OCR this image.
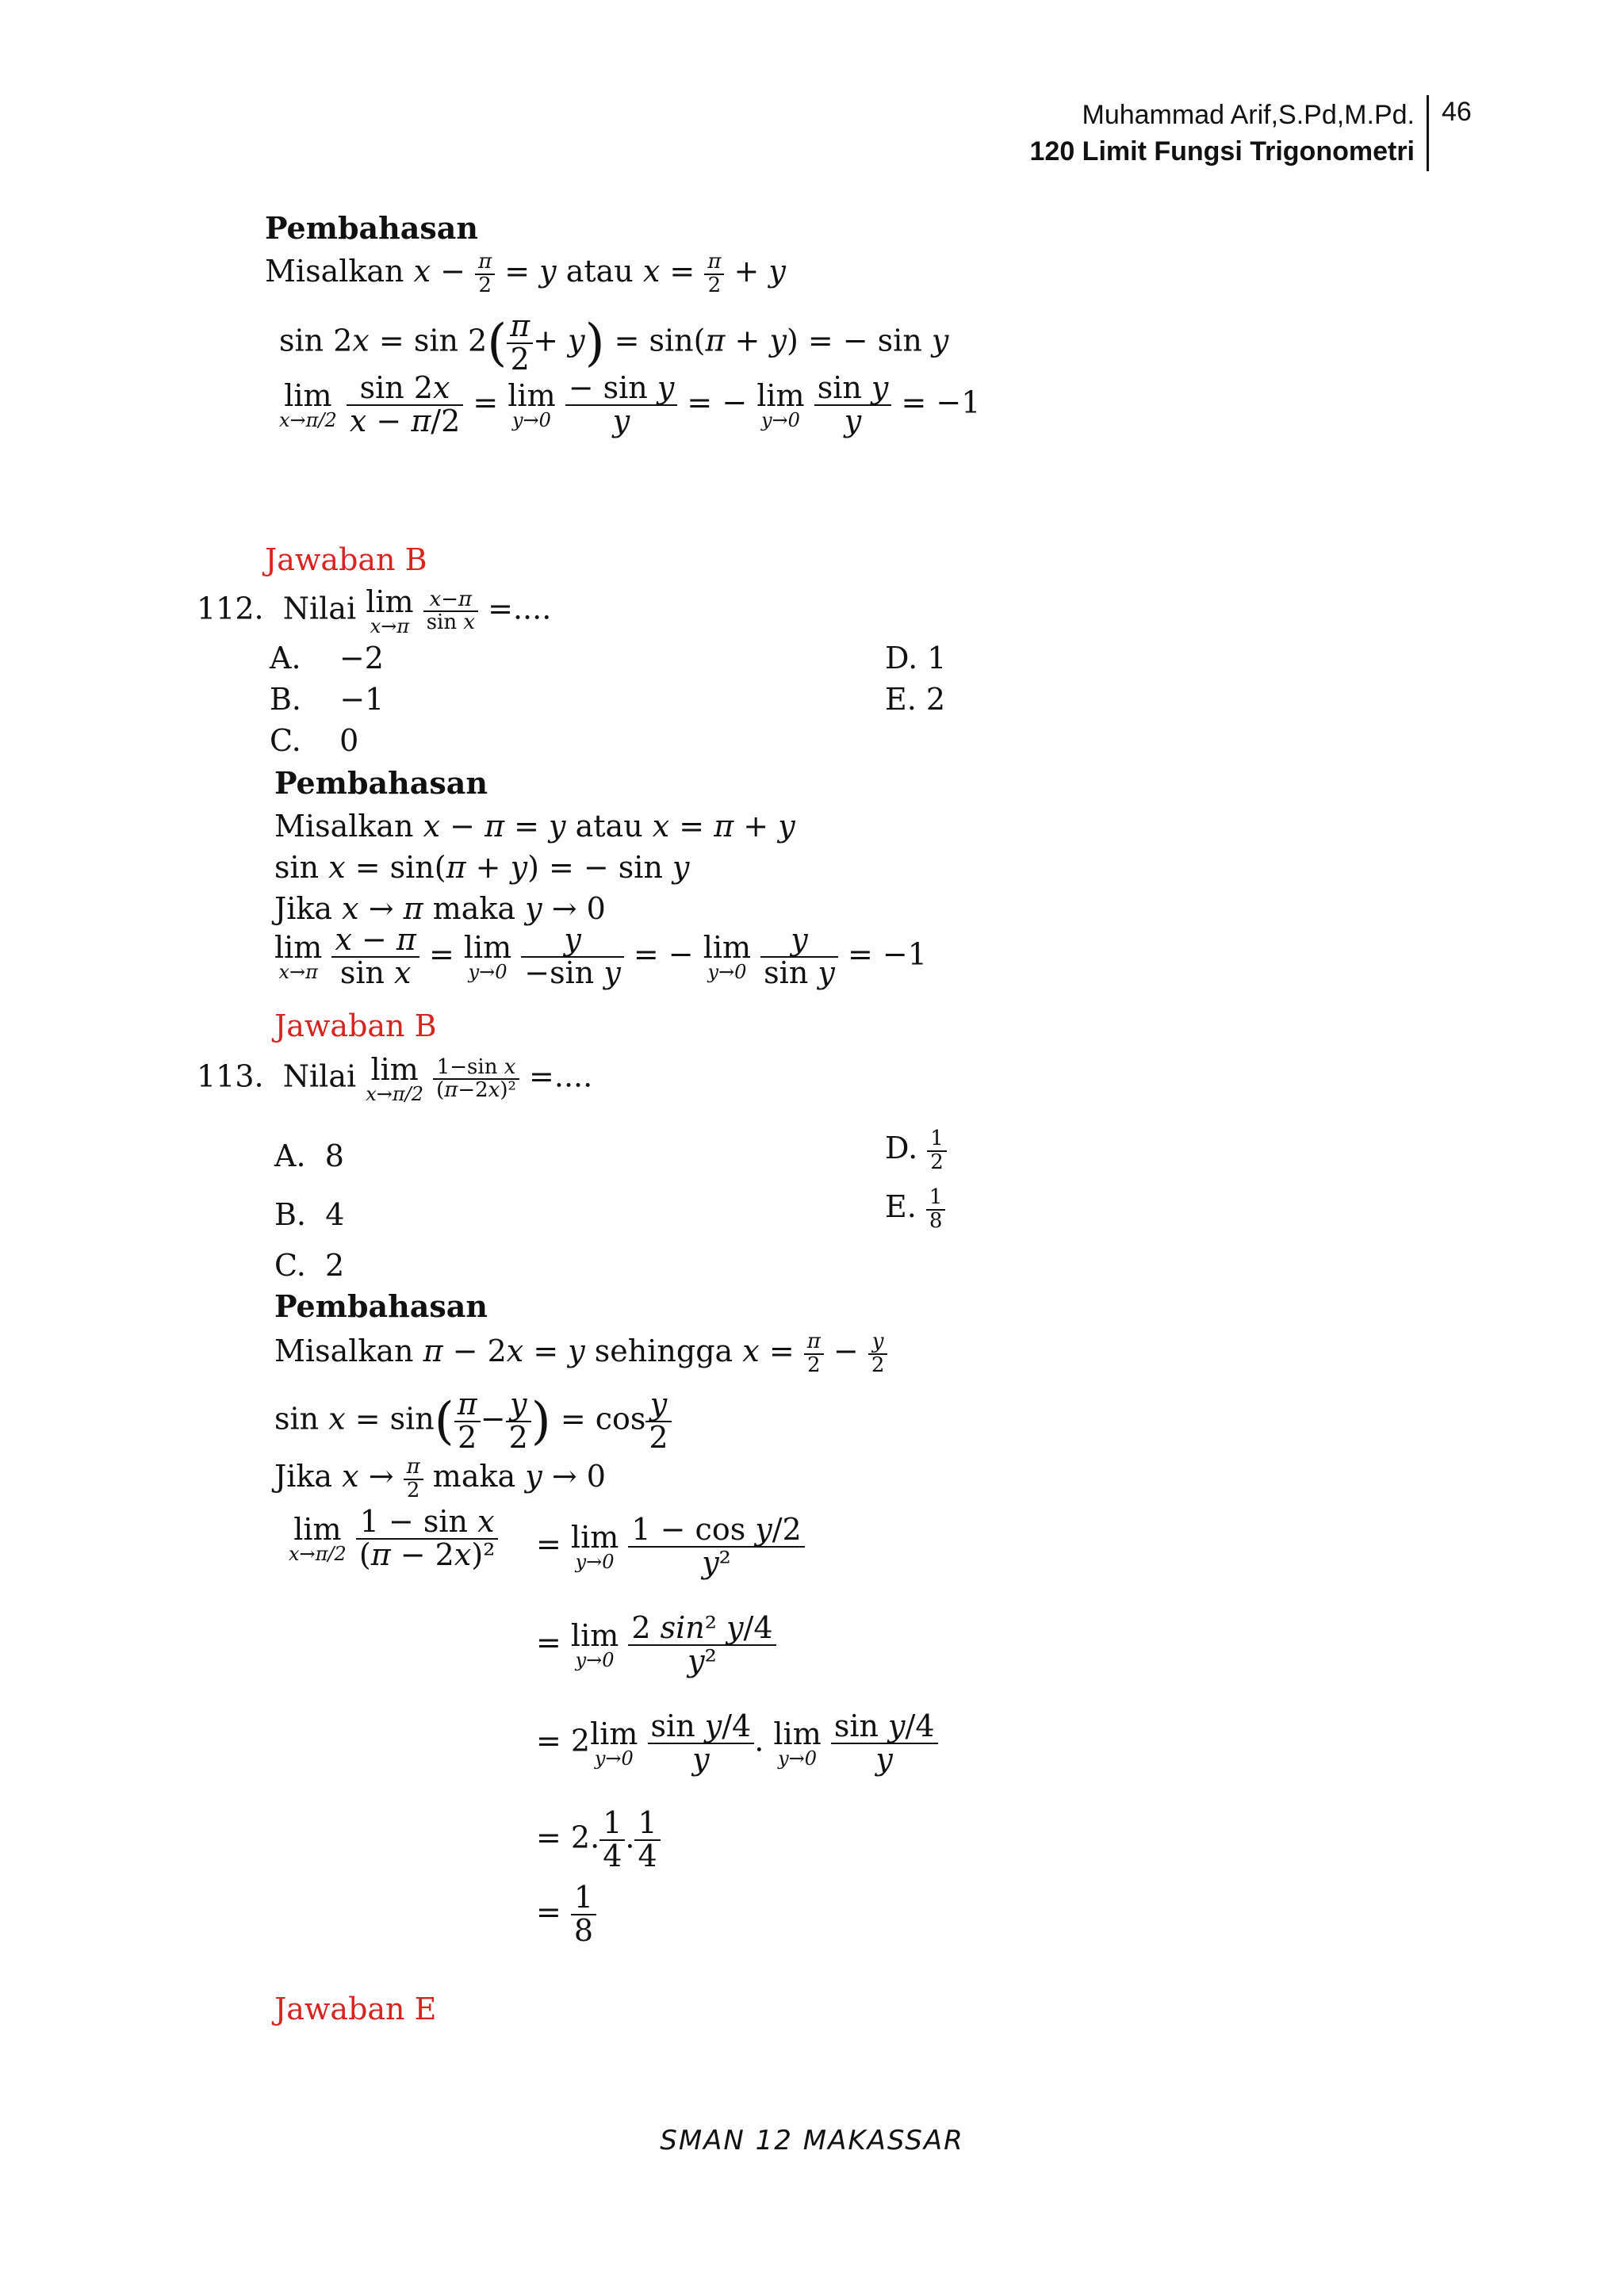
Muhammad Arif,S.Pd,M.Pd.
120 Limit Fungsi Trigonometri
46
Pembahasan
Misalkan $x - \frac{\pi}{2} = y$ atau $x = \frac{\pi}{2} + y$
$\sin 2x = \sin 2( \frac{\pi}{2} + y) = \sin(\pi + y)$ = − sin y
lim
x→π/2
$\frac{\sin 2x}{x - \pi/2} = \lim$
y→0
$\frac{\text{− sin y}}{y}$ = − lim
y→0
$\frac{\text{sin y}}{y} = -1$
Jawaban B
112. Nilai lim
x→π
$\frac{x-\pi}{\text{sin x}}$ =....
A. −2
B. −1
C. 0
D. 1
E. 2
Pembahasan
Misalkan x − π = y atau x = π + y
sin x = sin(π + y) = − sin y
Jika x → π maka y → 0
lim
x→π
$\frac{x - \pi}{\text{sin x}} = \lim$
y→0
$\frac{y}{\text{−sin y}}$ = − lim
y→0
$\frac{y}{\text{sin y}} = -1$
Jawaban B
113. Nilai lim
x→π/2
$\frac{\text{1−sin x}}{\text{(π−2x)²}}$ =....
A. 8
B. 4
C. 2
D. $\frac{1}{2}$
E. $\frac{1}{8}$
Pembahasan
Misalkan π − 2x = y sehingga $x = \frac{\pi}{2} - \frac{y}{2}$
$\sin x = \sin( \frac{\pi}{2} - \frac{y}{2}$ ) = $\cos \frac{y}{2}$
Jika $x \to \frac{\pi}{2}$ maka y → 0
lim
x→π/2
$\frac{\text{1 − sin x}}{\text{(π − 2x)²}} = \lim$
y→0
$\frac{\text{1 − cos y/2}}{\text{y²}}$
= lim
y→0
$\frac{\text{2 sin² y/4}}{\text{y²}}$
= 2lim
y→0
$\frac{\text{sin y/4}}{y}$ . lim
y→0
$\frac{\text{sin y/4}}{y}$
= 2. $\frac{1}{4}$ . $\frac{1}{4}$
= $\frac{1}{8}$
Jawaban E
SMAN 12 MAKASSAR
